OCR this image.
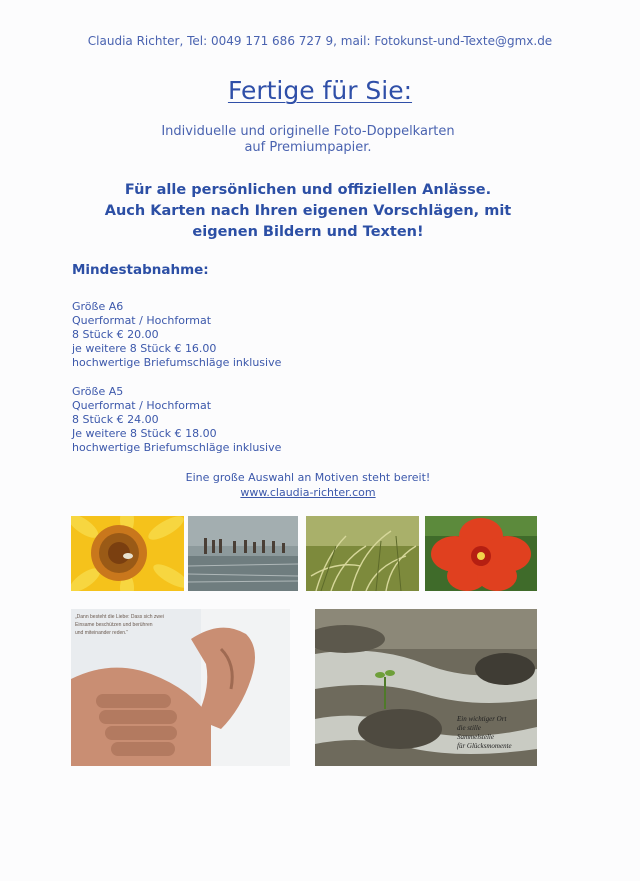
Claudia Richter, Tel: 0049 171 686 727 9, mail: Fotokunst-und-Texte@gmx.de
Fertige für Sie:
Individuelle und originelle Foto-Doppelkarten
auf Premiumpapier.
Für alle persönlichen und offiziellen Anlässe.
Auch Karten nach Ihren eigenen Vorschlägen, mit
eigenen Bildern und Texten!
Mindestabnahme:
Größe A6
Querformat / Hochformat
8 Stück € 20.00
je weitere 8 Stück € 16.00
hochwertige Briefumschläge inklusive
Größe A5
Querformat / Hochformat
8 Stück € 24.00
Je weitere 8 Stück € 18.00
hochwertige Briefumschläge inklusive
Eine große Auswahl an Motiven steht bereit!
www.claudia-richter.com
„Dann besteht die Liebe: Dass sich zwei
Einsame beschützen und berühren
und miteinander reden.“
Ein wichtiger Ort
die stille
Sammelstelle
für Glücksmomente
